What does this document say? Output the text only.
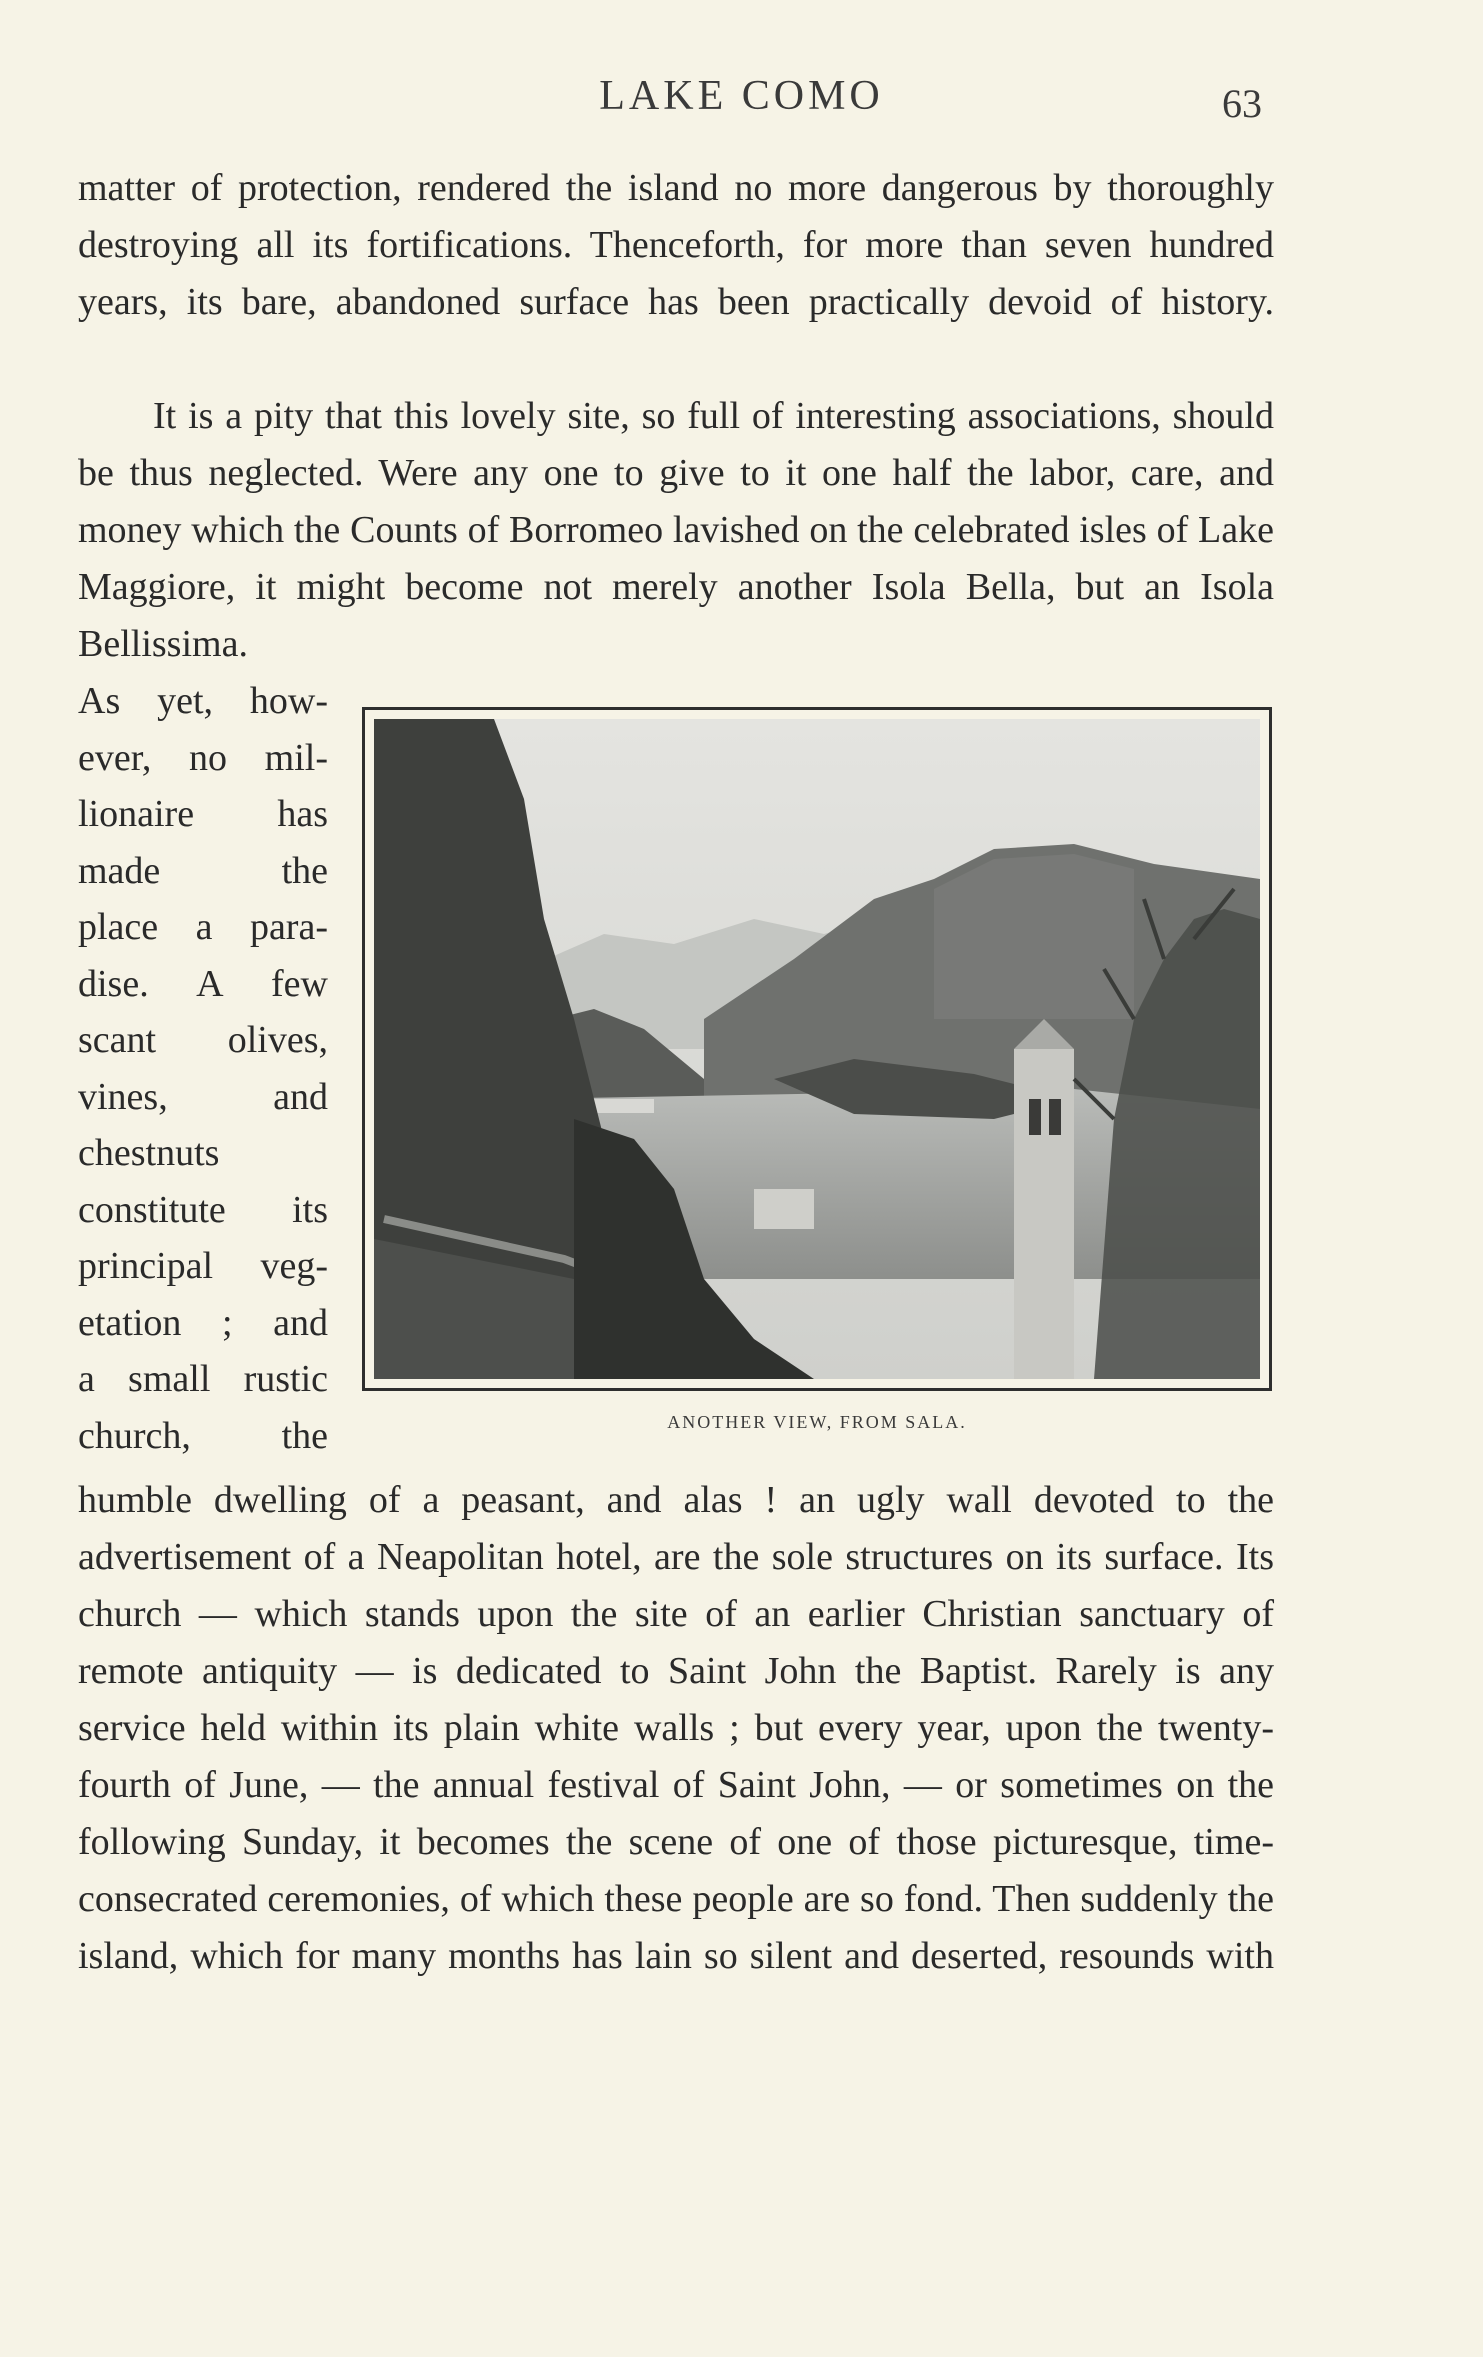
LAKE COMO	63

matter of protection, rendered the island no more dangerous by thoroughly destroying all its fortifications. Thenceforth, for more than seven hundred years, its bare, abandoned surface has been practically devoid of history.

It is a pity that this lovely site, so full of interesting associations, should be thus neglected. Were any one to give to it one half the labor, care, and money which the Counts of Borromeo lavished on the celebrated isles of Lake Maggiore, it might become not merely another Isola Bella, but an Isola Bellissima.

As yet, how-
ever, no mil-
lionaire has
made the
place a para-
dise. A few
scant olives,
vines, and
chestnuts
constitute its
principal veg-
etation ; and
a small rustic
church, the	ANOTHER VIEW, FROM SALA.

humble dwelling of a peasant, and alas ! an ugly wall devoted to the advertisement of a Neapolitan hotel, are the sole structures on its surface. Its church — which stands upon the site of an earlier Christian sanctuary of remote antiquity — is dedicated to Saint John the Baptist. Rarely is any service held within its plain white walls ; but every year, upon the twenty-fourth of June, — the annual festival of Saint John, — or sometimes on the following Sunday, it becomes the scene of one of those picturesque, time-consecrated ceremonies, of which these people are so fond. Then suddenly the island, which for many months has lain so silent and deserted, resounds with
